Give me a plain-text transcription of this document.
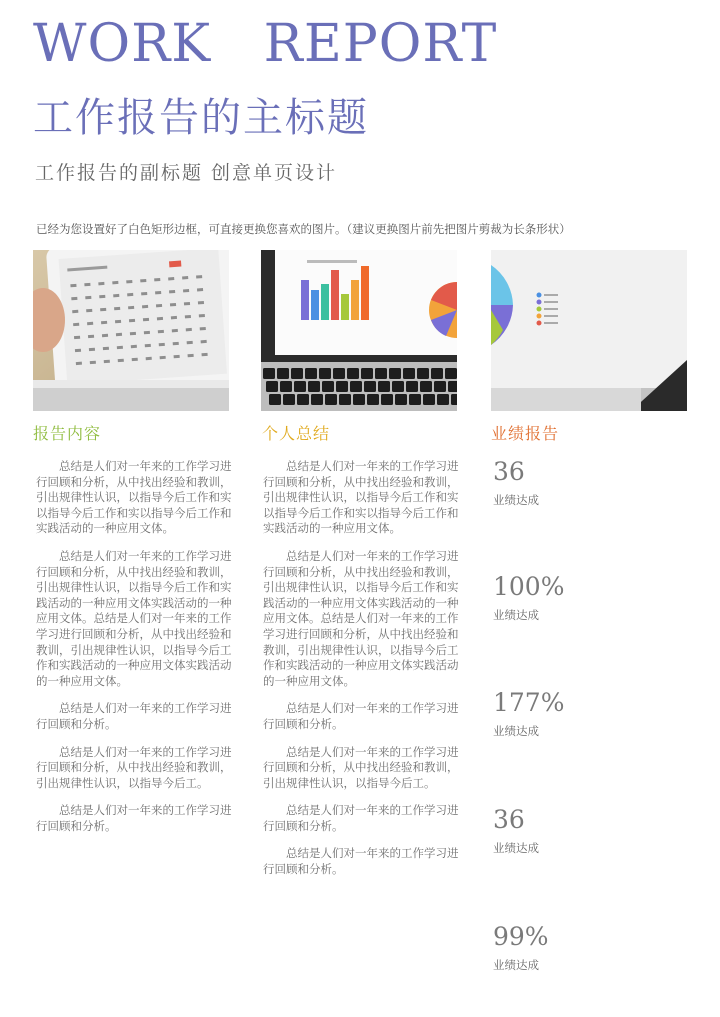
WORK   REPORT
工作报告的主标题
工作报告的副标题 创意单页设计
已经为您设置好了白色矩形边框，可直接更换您喜欢的图片。（建议更换图片前先把图片剪裁为长条形状）
报告内容	个人总结	业绩报告

总结是人们对一年来的工作学习进行回顾和分析，从中找出经验和教训，引出规律性认识，以指导今后工作和实以指导今后工作和实以指导今后工作和实践活动的一种应用文体。

总结是人们对一年来的工作学习进行回顾和分析，从中找出经验和教训，引出规律性认识，以指导今后工作和实践活动的一种应用文体实践活动的一种应用文体。总结是人们对一年来的工作学习进行回顾和分析，从中找出经验和教训，引出规律性认识，以指导今后工作和实践活动的一种应用文体实践活动的一种应用文体。

总结是人们对一年来的工作学习进行回顾和分析。

总结是人们对一年来的工作学习进行回顾和分析，从中找出经验和教训，引出规律性认识，以指导今后工。

总结是人们对一年来的工作学习进行回顾和分析。

总结是人们对一年来的工作学习进行回顾和分析，从中找出经验和教训，引出规律性认识，以指导今后工作和实以指导今后工作和实以指导今后工作和实践活动的一种应用文体。

总结是人们对一年来的工作学习进行回顾和分析，从中找出经验和教训，引出规律性认识，以指导今后工作和实践活动的一种应用文体实践活动的一种应用文体。总结是人们对一年来的工作学习进行回顾和分析，从中找出经验和教训，引出规律性认识，以指导今后工作和实践活动的一种应用文体实践活动的一种应用文体。

总结是人们对一年来的工作学习进行回顾和分析。

总结是人们对一年来的工作学习进行回顾和分析，从中找出经验和教训，引出规律性认识，以指导今后工。

总结是人们对一年来的工作学习进行回顾和分析。

总结是人们对一年来的工作学习进行回顾和分析。

36
业绩达成
100%
业绩达成
177%
业绩达成
36
业绩达成
99%
业绩达成
